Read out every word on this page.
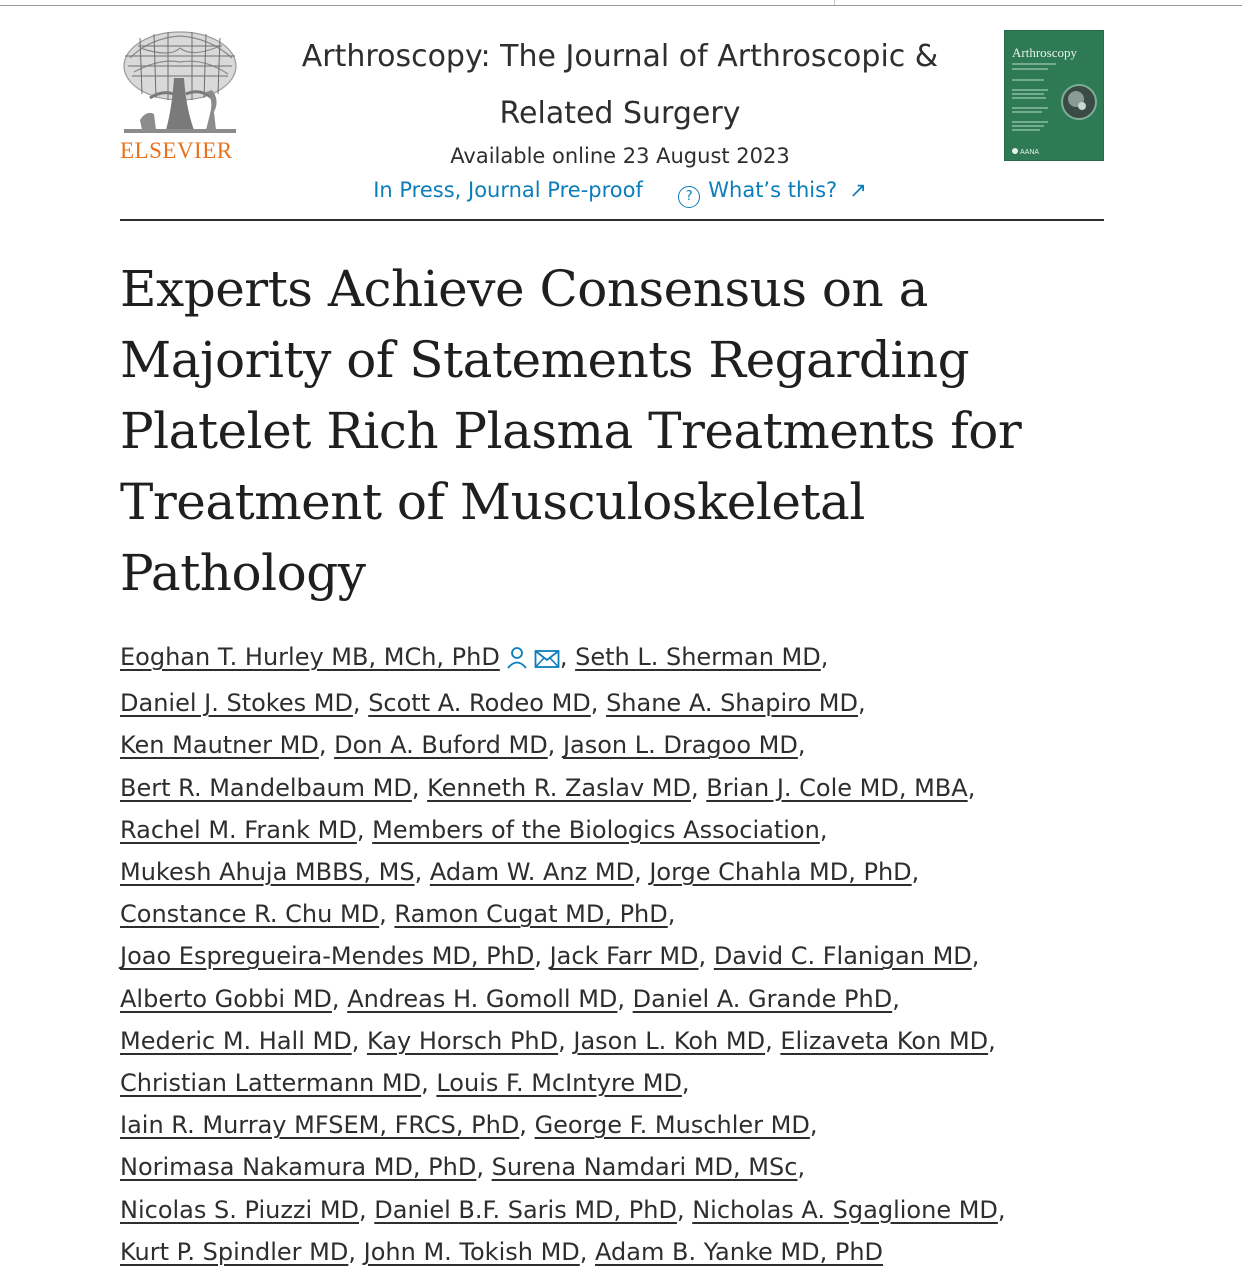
ELSEVIER
Arthroscopy: The Journal of Arthroscopic &
Related Surgery
Available online 23 August 2023
In Press, Journal Pre-proof	? What’s this? ↗
Arthroscopy
AANA
Experts Achieve Consensus on a
Majority of Statements Regarding
Platelet Rich Plasma Treatments for
Treatment of Musculoskeletal
Pathology
Eoghan T. Hurley MB, MCh, PhD	, Seth L. Sherman MD,
Daniel J. Stokes MD, Scott A. Rodeo MD, Shane A. Shapiro MD,
Ken Mautner MD, Don A. Buford MD, Jason L. Dragoo MD,
Bert R. Mandelbaum MD, Kenneth R. Zaslav MD, Brian J. Cole MD, MBA,
Rachel M. Frank MD, Members of the Biologics Association,
Mukesh Ahuja MBBS, MS, Adam W. Anz MD, Jorge Chahla MD, PhD,
Constance R. Chu MD, Ramon Cugat MD, PhD,
Joao Espregueira-Mendes MD, PhD, Jack Farr MD, David C. Flanigan MD,
Alberto Gobbi MD, Andreas H. Gomoll MD, Daniel A. Grande PhD,
Mederic M. Hall MD, Kay Horsch PhD, Jason L. Koh MD, Elizaveta Kon MD,
Christian Lattermann MD, Louis F. McIntyre MD,
Iain R. Murray MFSEM, FRCS, PhD, George F. Muschler MD,
Norimasa Nakamura MD, PhD, Surena Namdari MD, MSc,
Nicolas S. Piuzzi MD, Daniel B.F. Saris MD, PhD, Nicholas A. Sgaglione MD,
Kurt P. Spindler MD, John M. Tokish MD, Adam B. Yanke MD, PhD
